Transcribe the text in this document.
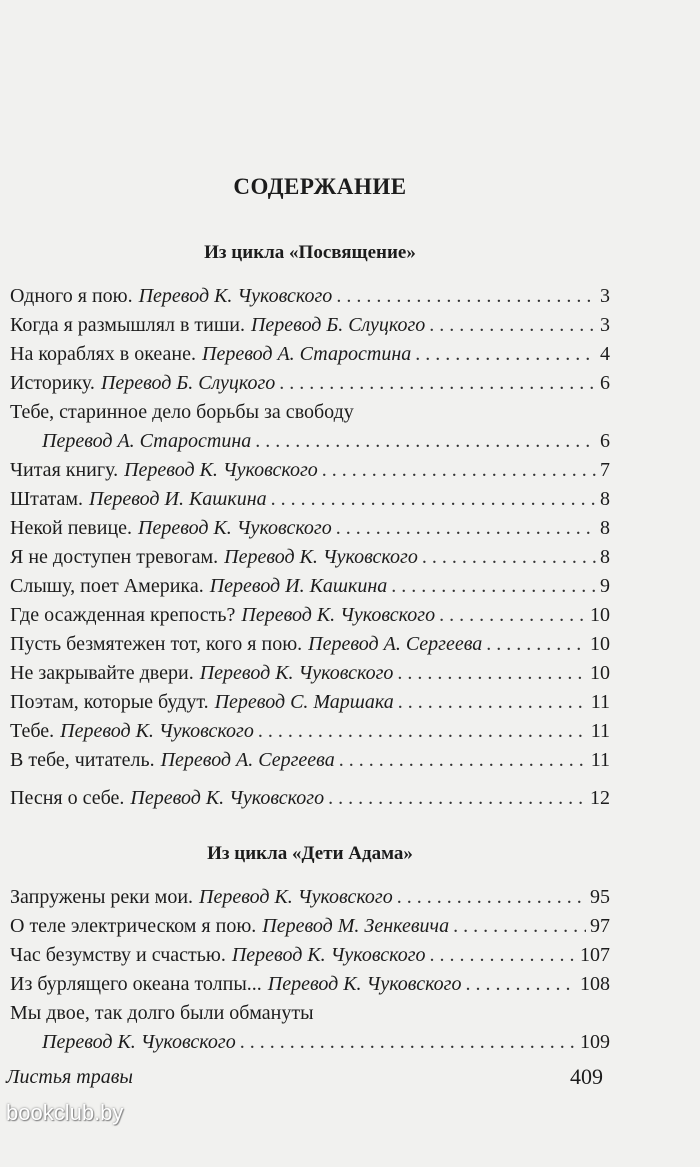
СОДЕРЖАНИЕ
Из цикла «Посвящение»
Одного я пою. Перевод К. Чуковского . . .	3
Когда я размышлял в тиши. Перевод Б. Слуцкого . . .	3
На кораблях в океане. Перевод А. Старостина . . .	4
Историку. Перевод Б. Слуцкого . . .	6
Тебе, старинное дело борьбы за свободу
Перевод А. Старостина . . .	6
Читая книгу. Перевод К. Чуковского . . .	7
Штатам. Перевод И. Кашкина . . .	8
Некой певице. Перевод К. Чуковского . . .	8
Я не доступен тревогам. Перевод К. Чуковского . . .	8
Слышу, поет Америка. Перевод И. Кашкина . . .	9
Где осажденная крепость? Перевод К. Чуковского . . .	10
Пусть безмятежен тот, кого я пою. Перевод А. Сергеева . . .	10
Не закрывайте двери. Перевод К. Чуковского . . .	10
Поэтам, которые будут. Перевод С. Маршака . . .	11
Тебе. Перевод К. Чуковского . . .	11
В тебе, читатель. Перевод А. Сергеева . . .	11
Песня о себе. Перевод К. Чуковского . . .	12
Из цикла «Дети Адама»
Запружены реки мои. Перевод К. Чуковского . . .	95
О теле электрическом я пою. Перевод М. Зенкевича . . .	97
Час безумству и счастью. Перевод К. Чуковского . . .	107
Из бурлящего океана толпы... Перевод К. Чуковского . . .	108
Мы двое, так долго были обмануты
Перевод К. Чуковского . . .	109
Листья травы	409
bookclub.by
